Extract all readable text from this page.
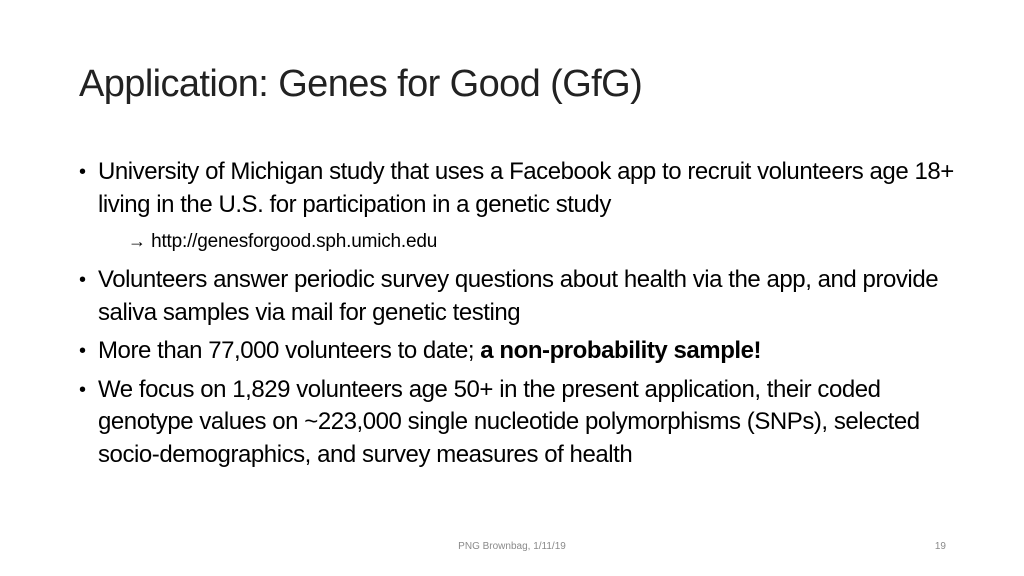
Application: Genes for Good (GfG)
• University of Michigan study that uses a Facebook app to recruit volunteers age 18+ living in the U.S. for participation in a genetic study
→ http://genesforgood.sph.umich.edu
• Volunteers answer periodic survey questions about health via the app, and provide saliva samples via mail for genetic testing
• More than 77,000 volunteers to date; a non-probability sample!
• We focus on 1,829 volunteers age 50+ in the present application, their coded genotype values on ~223,000 single nucleotide polymorphisms (SNPs), selected socio-demographics, and survey measures of health
PNG Brownbag, 1/11/19	19
